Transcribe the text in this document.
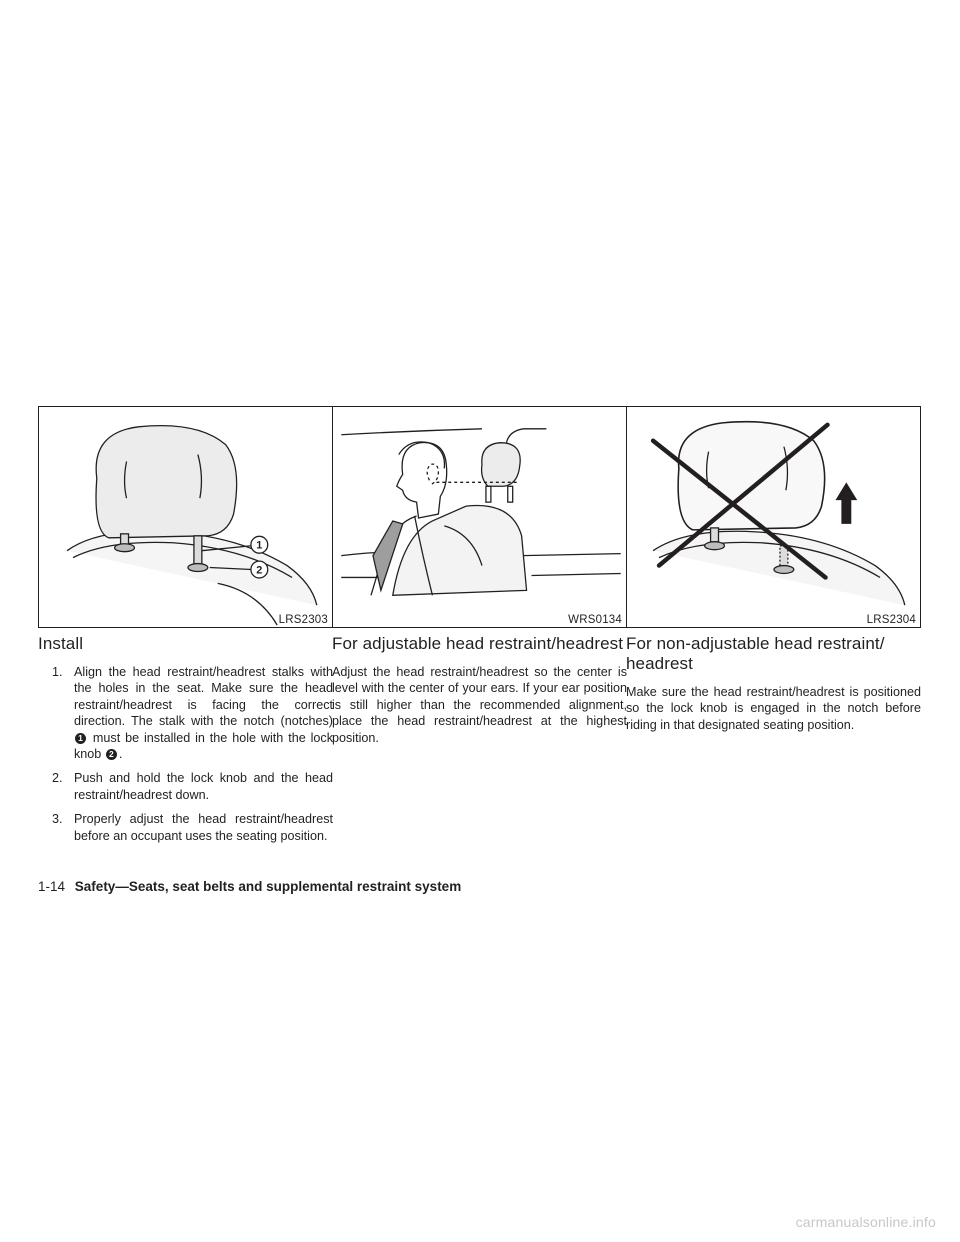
1
2
LRS2303	WRS0134	LRS2304
Install
1. Align the head restraint/headrest stalks with the holes in the seat. Make sure the head restraint/headrest is facing the correct direction. The stalk with the notch (notches) 1 must be installed in the hole with the lock knob 2 .
2. Push and hold the lock knob and the head restraint/headrest down.
3. Properly adjust the head restraint/headrest before an occupant uses the seating position.
For adjustable head restraint/headrest

Adjust the head restraint/headrest so the center is level with the center of your ears. If your ear position is still higher than the recommended alignment, place the head restraint/headrest at the highest position.

For non-adjustable head restraint/ headrest

Make sure the head restraint/headrest is positioned so the lock knob is engaged in the notch before riding in that designated seating position.

1-14 Safety—Seats, seat belts and supplemental restraint system
carmanualsonline.info
